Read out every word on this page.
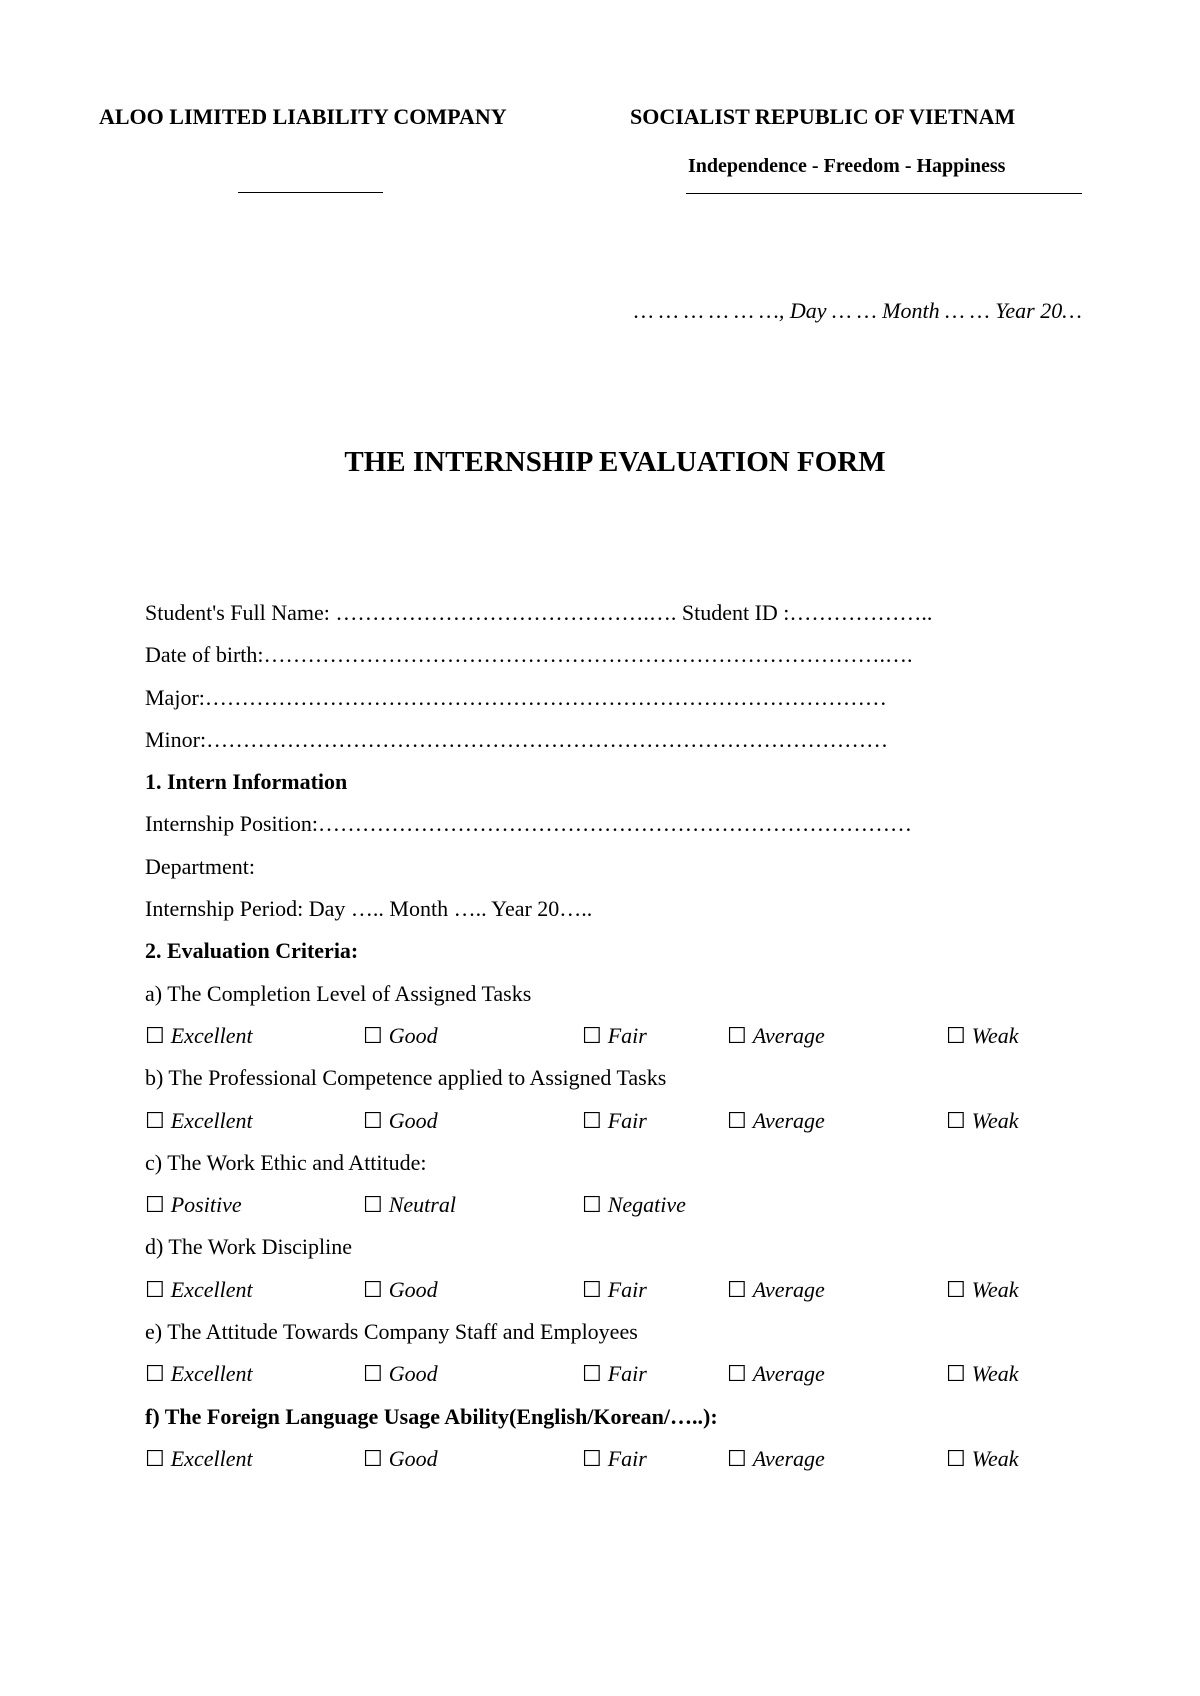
ALOO LIMITED LIABILITY COMPANY	SOCIALIST REPUBLIC OF VIETNAM
Independence - Freedom - Happiness
… … … … … …, Day … … Month … … Year 20…
THE INTERNSHIP EVALUATION FORM
Student's Full Name: …………………………………….…. Student ID :………………..
Date of birth:………………………………………………………………………….….
Major:…………………………………………………………………………………
Minor:…………………………………………………………………………………
1. Intern Information
Internship Position:………………………………………………………………………
Department:
Internship Period: Day ….. Month ….. Year 20…..
2. Evaluation Criteria:
a) The Completion Level of Assigned Tasks
☐ Excellent	☐ Good	☐ Fair	☐ Average	☐ Weak
b) The Professional Competence applied to Assigned Tasks
☐ Excellent	☐ Good	☐ Fair	☐ Average	☐ Weak
c) The Work Ethic and Attitude:
☐ Positive	☐ Neutral	☐ Negative
d) The Work Discipline
☐ Excellent	☐ Good	☐ Fair	☐ Average	☐ Weak
e) The Attitude Towards Company Staff and Employees
☐ Excellent	☐ Good	☐ Fair	☐ Average	☐ Weak
f) The Foreign Language Usage Ability(English/Korean/…..):
☐ Excellent	☐ Good	☐ Fair	☐ Average	☐ Weak
